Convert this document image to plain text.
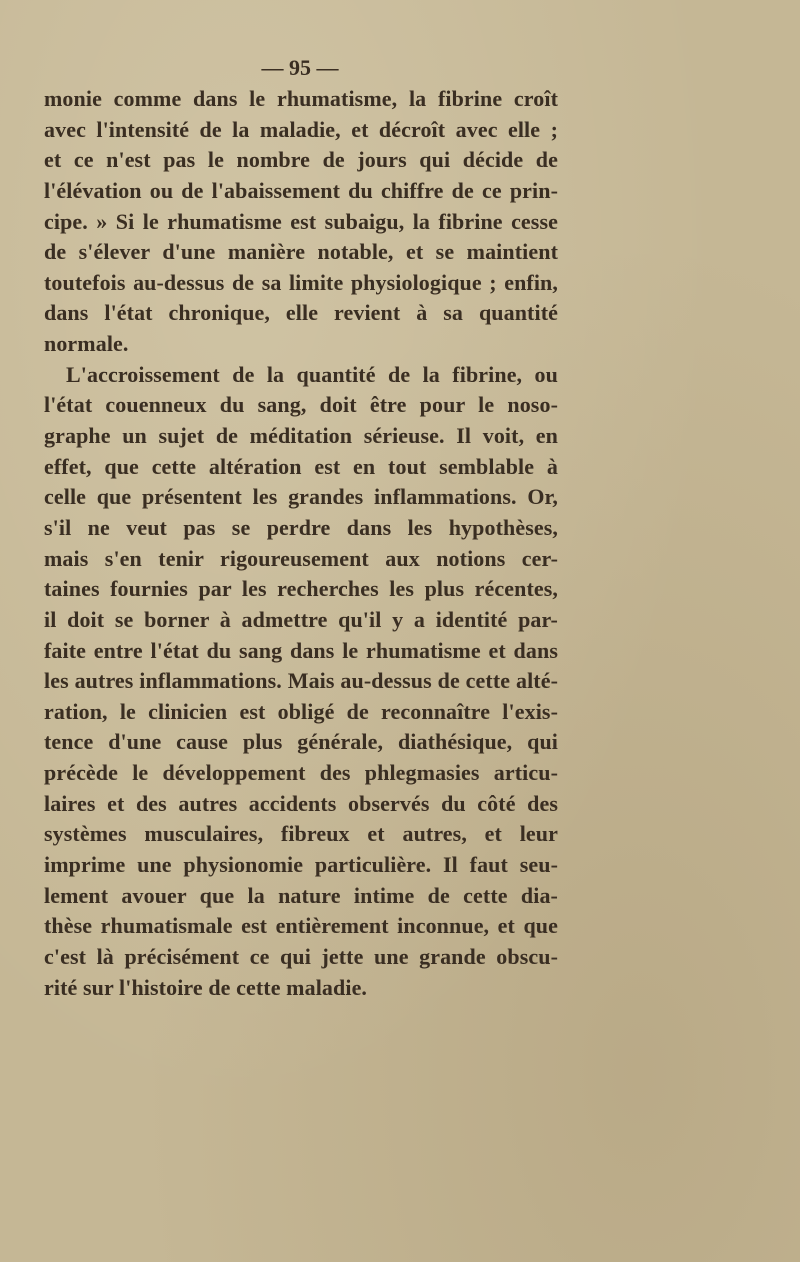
— 95 —
monie comme dans le rhumatisme, la fibrine croît
avec l'intensité de la maladie, et décroît avec elle ;
et ce n'est pas le nombre de jours qui décide de
l'élévation ou de l'abaissement du chiffre de ce prin-
cipe. » Si le rhumatisme est subaigu, la fibrine cesse
de s'élever d'une manière notable, et se maintient
toutefois au-dessus de sa limite physiologique ; enfin,
dans l'état chronique, elle revient à sa quantité
normale.
L'accroissement de la quantité de la fibrine, ou
l'état couenneux du sang, doit être pour le noso-
graphe un sujet de méditation sérieuse. Il voit, en
effet, que cette altération est en tout semblable à
celle que présentent les grandes inflammations. Or,
s'il ne veut pas se perdre dans les hypothèses,
mais s'en tenir rigoureusement aux notions cer-
taines fournies par les recherches les plus récentes,
il doit se borner à admettre qu'il y a identité par-
faite entre l'état du sang dans le rhumatisme et dans
les autres inflammations. Mais au-dessus de cette alté-
ration, le clinicien est obligé de reconnaître l'exis-
tence d'une cause plus générale, diathésique, qui
précède le développement des phlegmasies articu-
laires et des autres accidents observés du côté des
systèmes musculaires, fibreux et autres, et leur
imprime une physionomie particulière. Il faut seu-
lement avouer que la nature intime de cette dia-
thèse rhumatismale est entièrement inconnue, et que
c'est là précisément ce qui jette une grande obscu-
rité sur l'histoire de cette maladie.
